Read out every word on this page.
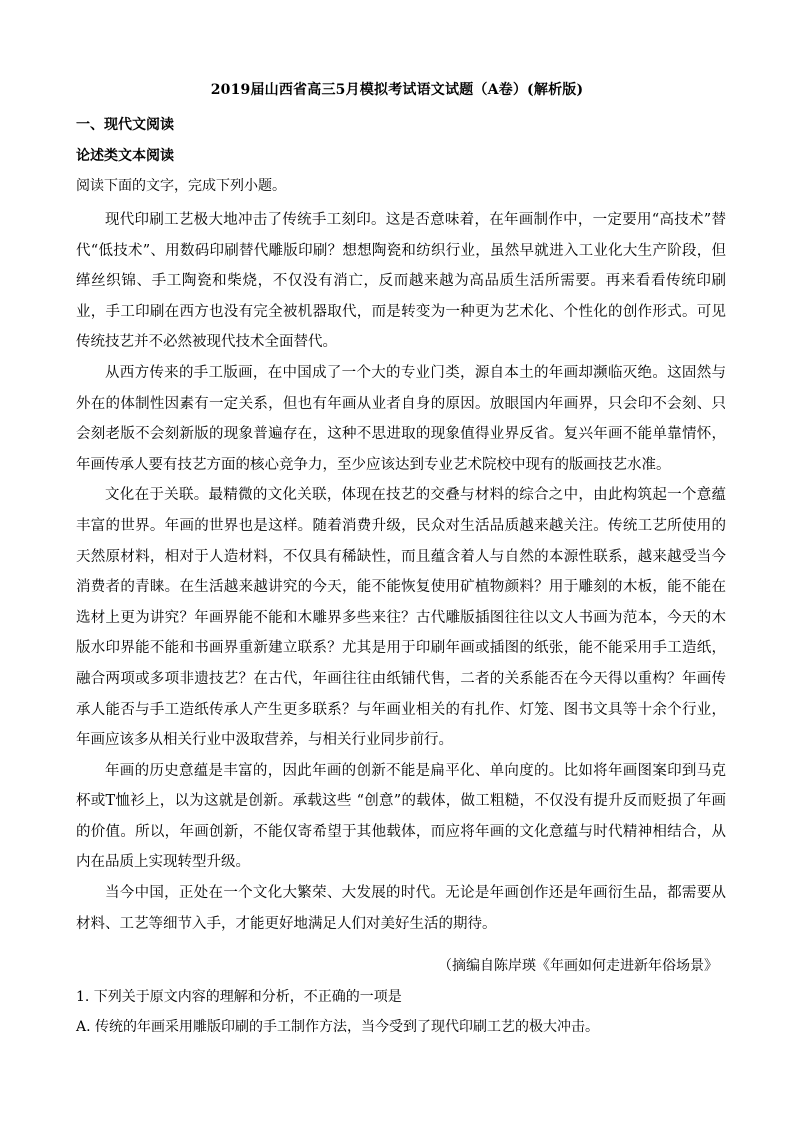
2019届山西省高三5月模拟考试语文试题（A卷）(解析版)
一、现代文阅读
论述类文本阅读
阅读下面的文字，完成下列小题。

现代印刷工艺极大地冲击了传统手工刻印。这是否意味着，在年画制作中，一定要用“高技术”替代“低技术”、用数码印刷替代雕版印刷？想想陶瓷和纺织行业，虽然早就进入工业化大生产阶段，但缂丝织锦、手工陶瓷和柴烧，不仅没有消亡，反而越来越为高品质生活所需要。再来看看传统印刷业，手工印刷在西方也没有完全被机器取代，而是转变为一种更为艺术化、个性化的创作形式。可见传统技艺并不必然被现代技术全面替代。

从西方传来的手工版画，在中国成了一个大的专业门类，源自本土的年画却濒临灭绝。这固然与外在的体制性因素有一定关系，但也有年画从业者自身的原因。放眼国内年画界，只会印不会刻、只会刻老版不会刻新版的现象普遍存在，这种不思进取的现象值得业界反省。复兴年画不能单靠情怀，年画传承人要有技艺方面的核心竞争力，至少应该达到专业艺术院校中现有的版画技艺水准。

文化在于关联。最精微的文化关联，体现在技艺的交叠与材料的综合之中，由此构筑起一个意蕴丰富的世界。年画的世界也是这样。随着消费升级，民众对生活品质越来越关注。传统工艺所使用的天然原材料，相对于人造材料，不仅具有稀缺性，而且蕴含着人与自然的本源性联系，越来越受当今消费者的青睐。在生活越来越讲究的今天，能不能恢复使用矿植物颜料？用于雕刻的木板，能不能在选材上更为讲究？年画界能不能和木雕界多些来往？古代雕版插图往往以文人书画为范本，今天的木版水印界能不能和书画界重新建立联系？尤其是用于印刷年画或插图的纸张，能不能采用手工造纸，融合两项或多项非遗技艺？在古代，年画往往由纸铺代售，二者的关系能否在今天得以重构？年画传承人能否与手工造纸传承人产生更多联系？与年画业相关的有扎作、灯笼、图书文具等十余个行业，年画应该多从相关行业中汲取营养，与相关行业同步前行。

年画的历史意蕴是丰富的，因此年画的创新不能是扁平化、单向度的。比如将年画图案印到马克杯或T恤衫上，以为这就是创新。承载这些 “创意”的载体，做工粗糙，不仅没有提升反而贬损了年画的价值。所以，年画创新，不能仅寄希望于其他载体，而应将年画的文化意蕴与时代精神相结合，从内在品质上实现转型升级。

当今中国，正处在一个文化大繁荣、大发展的时代。无论是年画创作还是年画衍生品，都需要从材料、工艺等细节入手，才能更好地满足人们对美好生活的期待。

（摘编自陈岸瑛《年画如何走进新年俗场景》
1. 下列关于原文内容的理解和分析，不正确的一项是
A. 传统的年画采用雕版印刷的手工制作方法，当今受到了现代印刷工艺的极大冲击。
